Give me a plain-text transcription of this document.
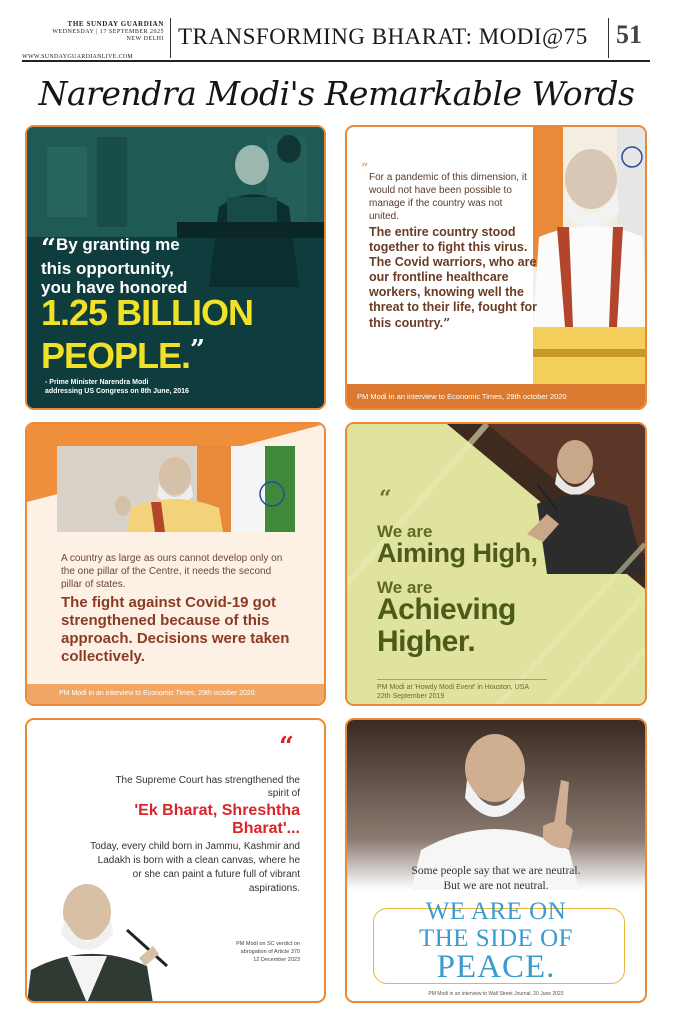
THE SUNDAY GUARDIAN
WEDNESDAY | 17 SEPTEMBER 2025
NEW DELHI
WWW.SUNDAYGUARDIANLIVE.COM
TRANSFORMING BHARAT: MODI@75 51
Narendra Modi's Remarkable Words
“By granting me
this opportunity,
you have honored
1.25 BILLION
PEOPLE.”
- Prime Minister Narendra Modi
addressing US Congress on 8th June, 2016
“
For a pandemic of this dimension, it would not have been possible to manage if the country was not united.
The entire country stood together to fight this virus. The Covid warriors, who are our frontline healthcare workers, knowing well the threat to their life, fought for this country.”
PM Modi in an interview to Economic Times, 29th october 2020
A country as large as ours cannot develop only on the one pillar of the Centre, it needs the second pillar of states.
The fight against Covid-19 got strengthened because of this approach. Decisions were taken collectively.
PM Modi in an interview to Economic Times, 29th october 2020
“
We are
Aiming High,
We are
Achieving
Higher.
PM Modi at 'Howdy Modi Event' in Houston, USA
22th September 2019
“
The Supreme Court has strengthened the spirit of
'Ek Bharat, Shreshtha Bharat'...
Today, every child born in Jammu, Kashmir and Ladakh is born with a clean canvas, where he or she can paint a future full of vibrant aspirations.
PM Modi on SC verdict on
abrogation of Article 370
12 December 2023
Some people say that we are neutral.
But we are not neutral.
WE ARE ON
THE SIDE OF
PEACE.
PM Modi in an interview to Wall Street Journal, 20 June 2023
